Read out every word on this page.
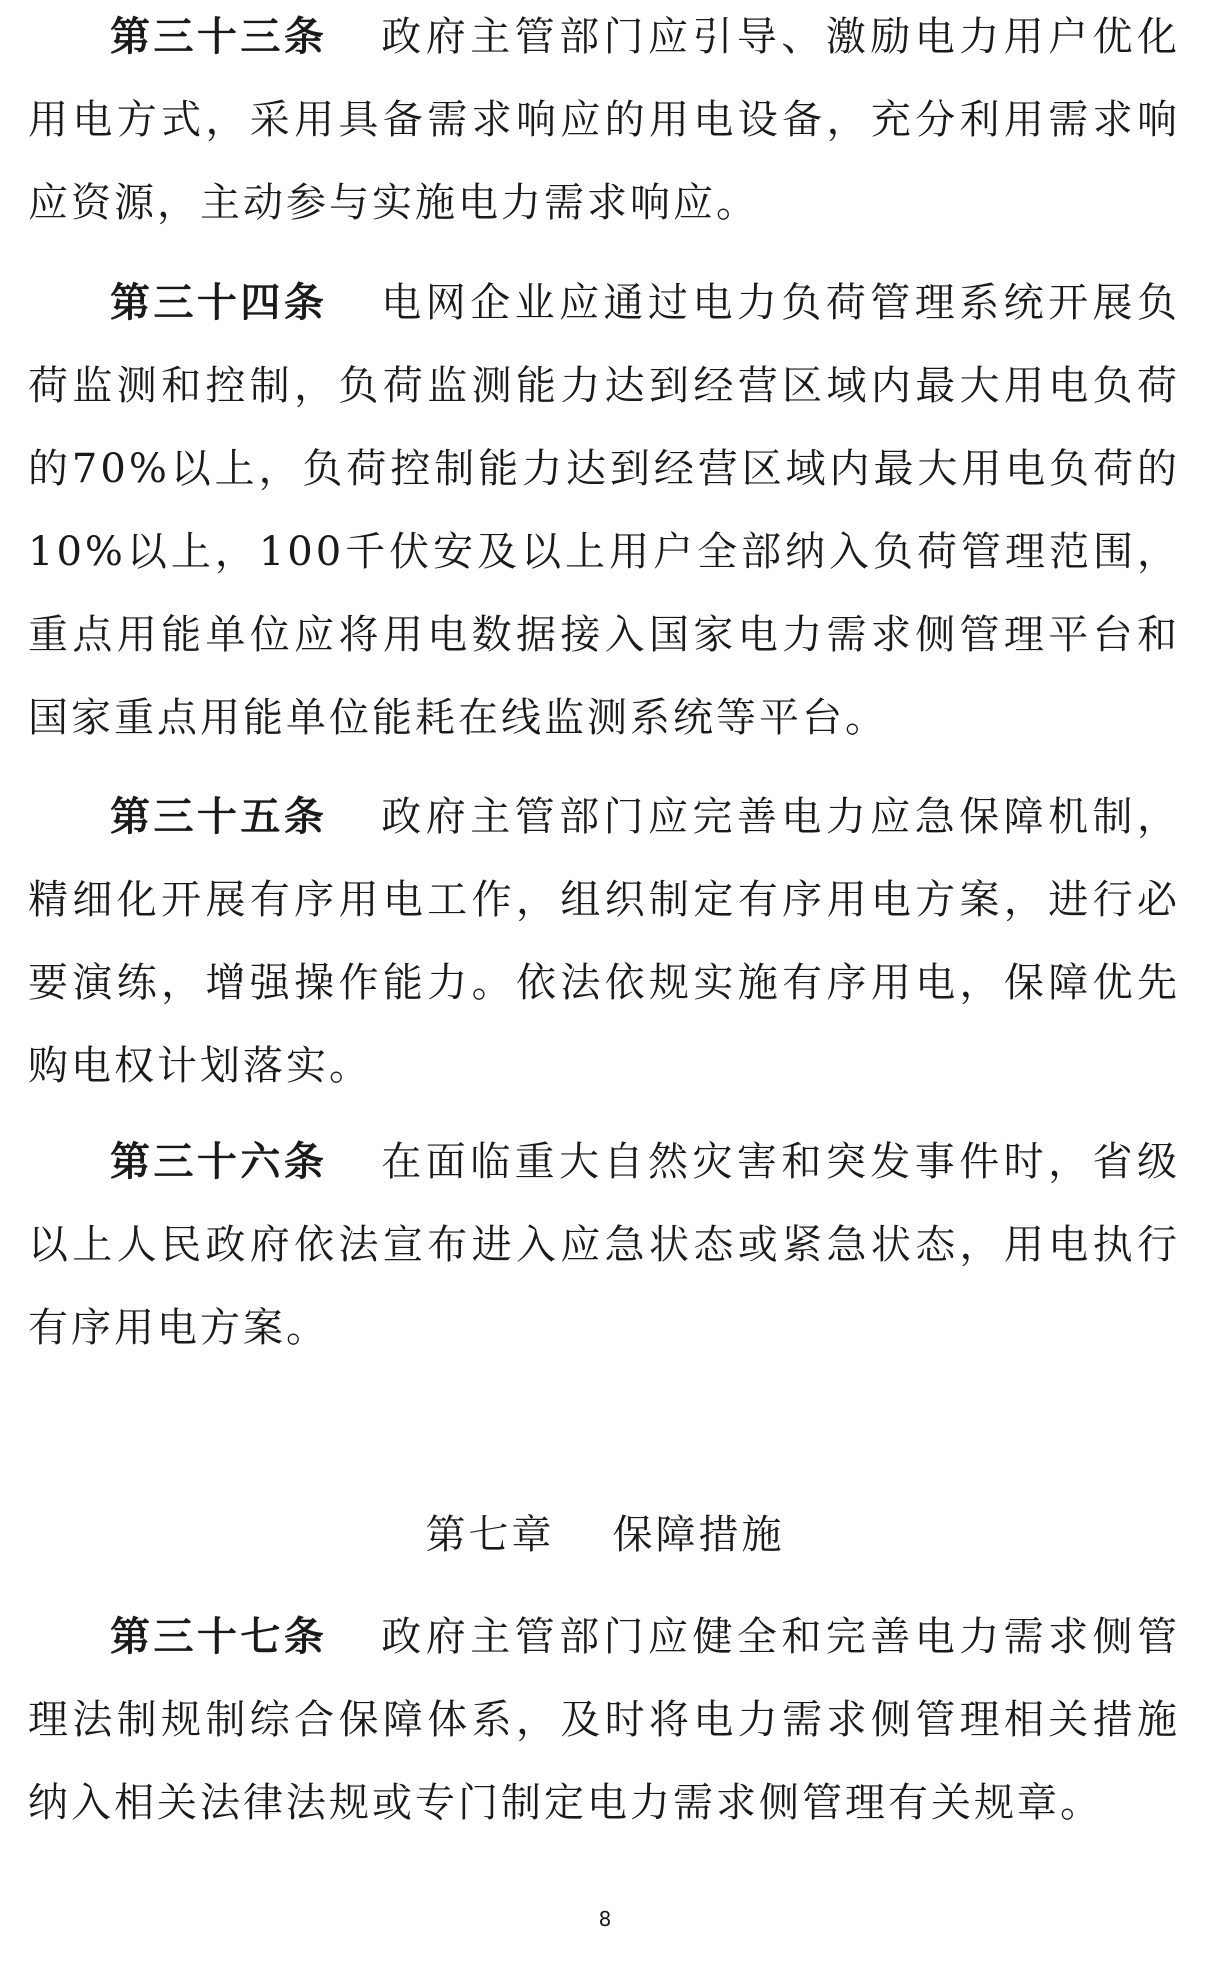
第三十三条 政府主管部门应引导、激励电力用户优化用电方式，采用具备需求响应的用电设备，充分利用需求响应资源，主动参与实施电力需求响应。
第三十四条 电网企业应通过电力负荷管理系统开展负荷监测和控制，负荷监测能力达到经营区域内最大用电负荷的70%以上，负荷控制能力达到经营区域内最大用电负荷的10%以上，100千伏安及以上用户全部纳入负荷管理范围，重点用能单位应将用电数据接入国家电力需求侧管理平台和国家重点用能单位能耗在线监测系统等平台。
第三十五条 政府主管部门应完善电力应急保障机制，精细化开展有序用电工作，组织制定有序用电方案，进行必要演练，增强操作能力。依法依规实施有序用电，保障优先购电权计划落实。
第三十六条 在面临重大自然灾害和突发事件时，省级以上人民政府依法宣布进入应急状态或紧急状态，用电执行有序用电方案。
第七章 保障措施
第三十七条 政府主管部门应健全和完善电力需求侧管理法制规制综合保障体系，及时将电力需求侧管理相关措施纳入相关法律法规或专门制定电力需求侧管理有关规章。
8
